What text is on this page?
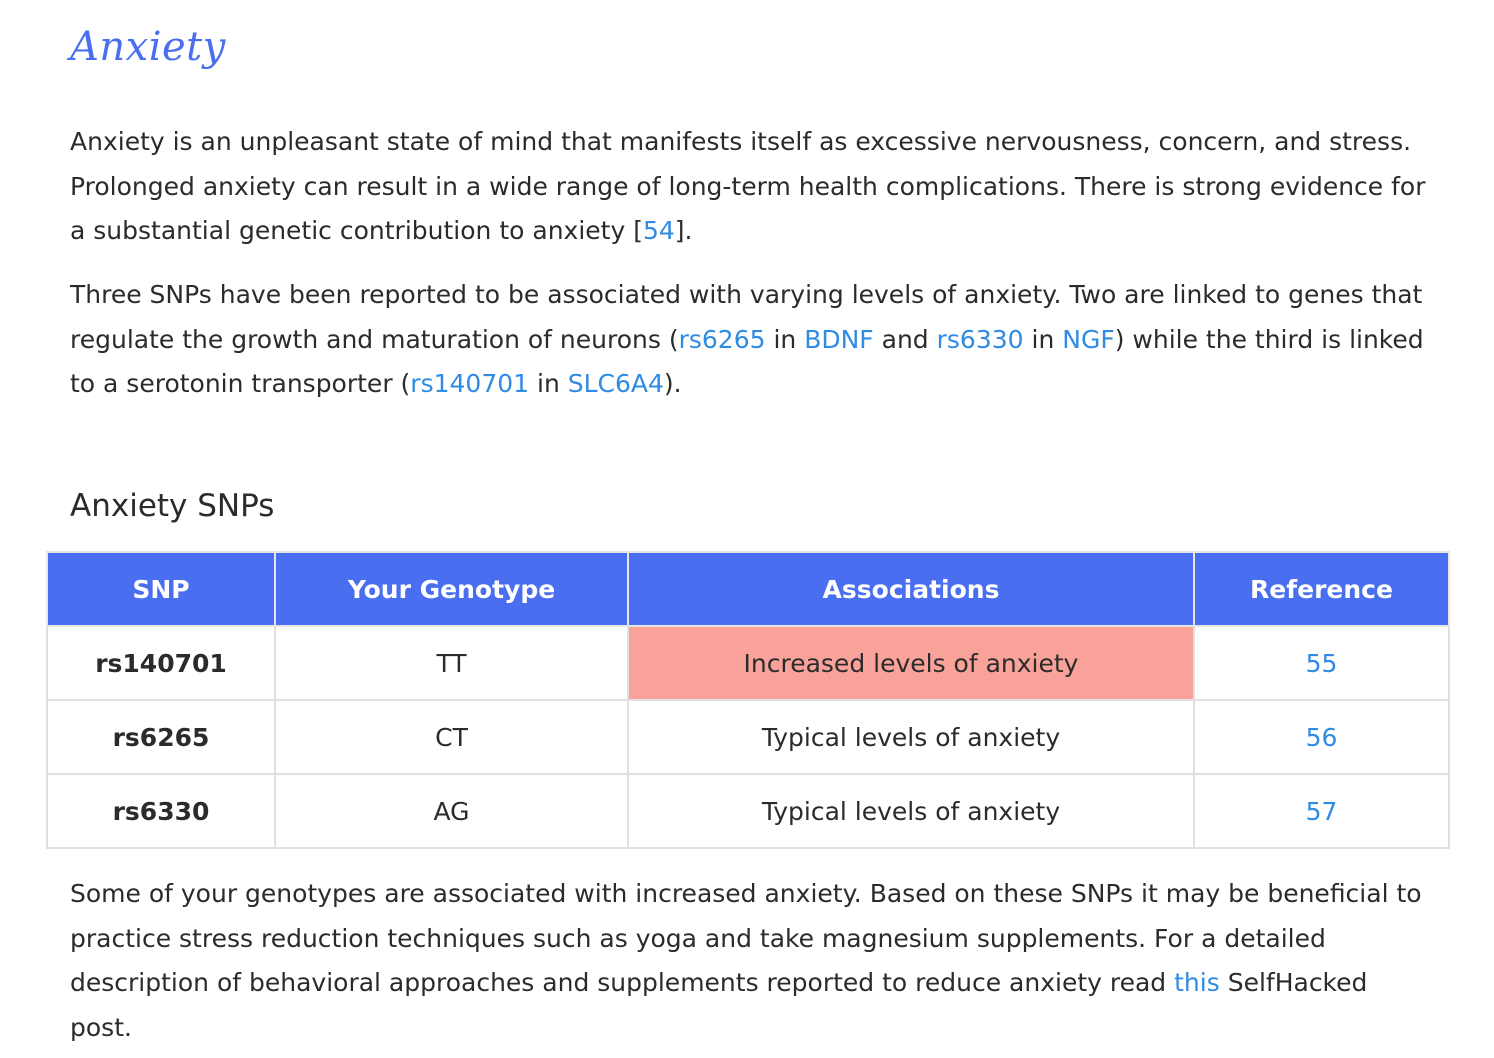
Anxiety

Anxiety is an unpleasant state of mind that manifests itself as excessive nervousness, concern, and stress. Prolonged anxiety can result in a wide range of long-term health complications. There is strong evidence for a substantial genetic contribution to anxiety [54].

Three SNPs have been reported to be associated with varying levels of anxiety. Two are linked to genes that regulate the growth and maturation of neurons (rs6265 in BDNF and rs6330 in NGF) while the third is linked to a serotonin transporter (rs140701 in SLC6A4).

Anxiety SNPs
SNP	Your Genotype	Associations	Reference
rs140701	TT	Increased levels of anxiety	55
rs6265	CT	Typical levels of anxiety	56
rs6330	AG	Typical levels of anxiety	57

Some of your genotypes are associated with increased anxiety. Based on these SNPs it may be beneficial to practice stress reduction techniques such as yoga and take magnesium supplements. For a detailed description of behavioral approaches and supplements reported to reduce anxiety read this SelfHacked post.
